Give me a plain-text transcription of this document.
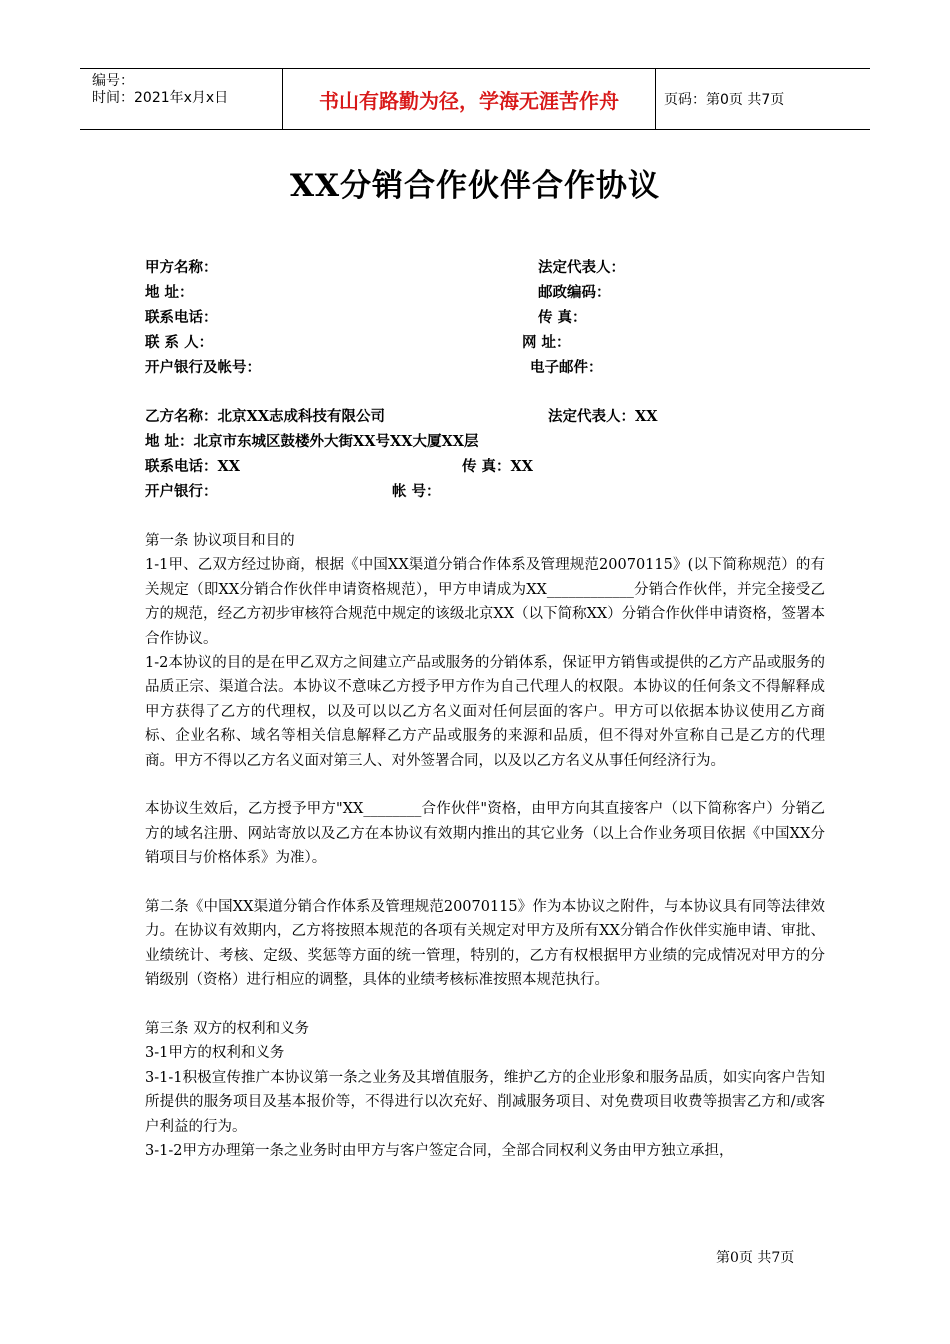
编号：
时间：2021年x月x日	书山有路勤为径，学海无涯苦作舟	页码：第0页 共7页
XX分销合作伙伴合作协议
甲方名称：	法定代表人：
地 址：	邮政编码：
联系电话：	传 真：
联 系 人：	网 址：
开户银行及帐号：	电子邮件：
乙方名称：北京XX志成科技有限公司	法定代表人：XX
地 址：北京市东城区鼓楼外大街XX号XX大厦XX层
联系电话：XX	传 真：XX
开户银行：	帐 号：

第一条 协议项目和目的

1-1甲、乙双方经过协商，根据《中国XX渠道分销合作体系及管理规范20070115》(以下简称规范）的有关规定（即XX分销合作伙伴申请资格规范），甲方申请成为XX____________分销合作伙伴，并完全接受乙方的规范，经乙方初步审核符合规范中规定的该级北京XX（以下简称XX）分销合作伙伴申请资格，签署本合作协议。

1-2本协议的目的是在甲乙双方之间建立产品或服务的分销体系，保证甲方销售或提供的乙方产品或服务的品质正宗、渠道合法。本协议不意味乙方授予甲方作为自己代理人的权限。本协议的任何条文不得解释成甲方获得了乙方的代理权，以及可以以乙方名义面对任何层面的客户。甲方可以依据本协议使用乙方商标、企业名称、域名等相关信息解释乙方产品或服务的来源和品质，但不得对外宣称自己是乙方的代理商。甲方不得以乙方名义面对第三人、对外签署合同，以及以乙方名义从事任何经济行为。

本协议生效后，乙方授予甲方"XX________合作伙伴"资格，由甲方向其直接客户（以下简称客户）分销乙方的域名注册、网站寄放以及乙方在本协议有效期内推出的其它业务（以上合作业务项目依据《中国XX分销项目与价格体系》为准）。

第二条《中国XX渠道分销合作体系及管理规范20070115》作为本协议之附件，与本协议具有同等法律效力。在协议有效期内，乙方将按照本规范的各项有关规定对甲方及所有XX分销合作伙伴实施申请、审批、业绩统计、考核、定级、奖惩等方面的统一管理，特别的，乙方有权根据甲方业绩的完成情况对甲方的分销级别（资格）进行相应的调整，具体的业绩考核标准按照本规范执行。

第三条 双方的权利和义务

3-1甲方的权利和义务

3-1-1积极宣传推广本协议第一条之业务及其增值服务，维护乙方的企业形象和服务品质，如实向客户告知所提供的服务项目及基本报价等，不得进行以次充好、削减服务项目、对免费项目收费等损害乙方和/或客户利益的行为。

3-1-2甲方办理第一条之业务时由甲方与客户签定合同，全部合同权利义务由甲方独立承担，

第0页 共7页
